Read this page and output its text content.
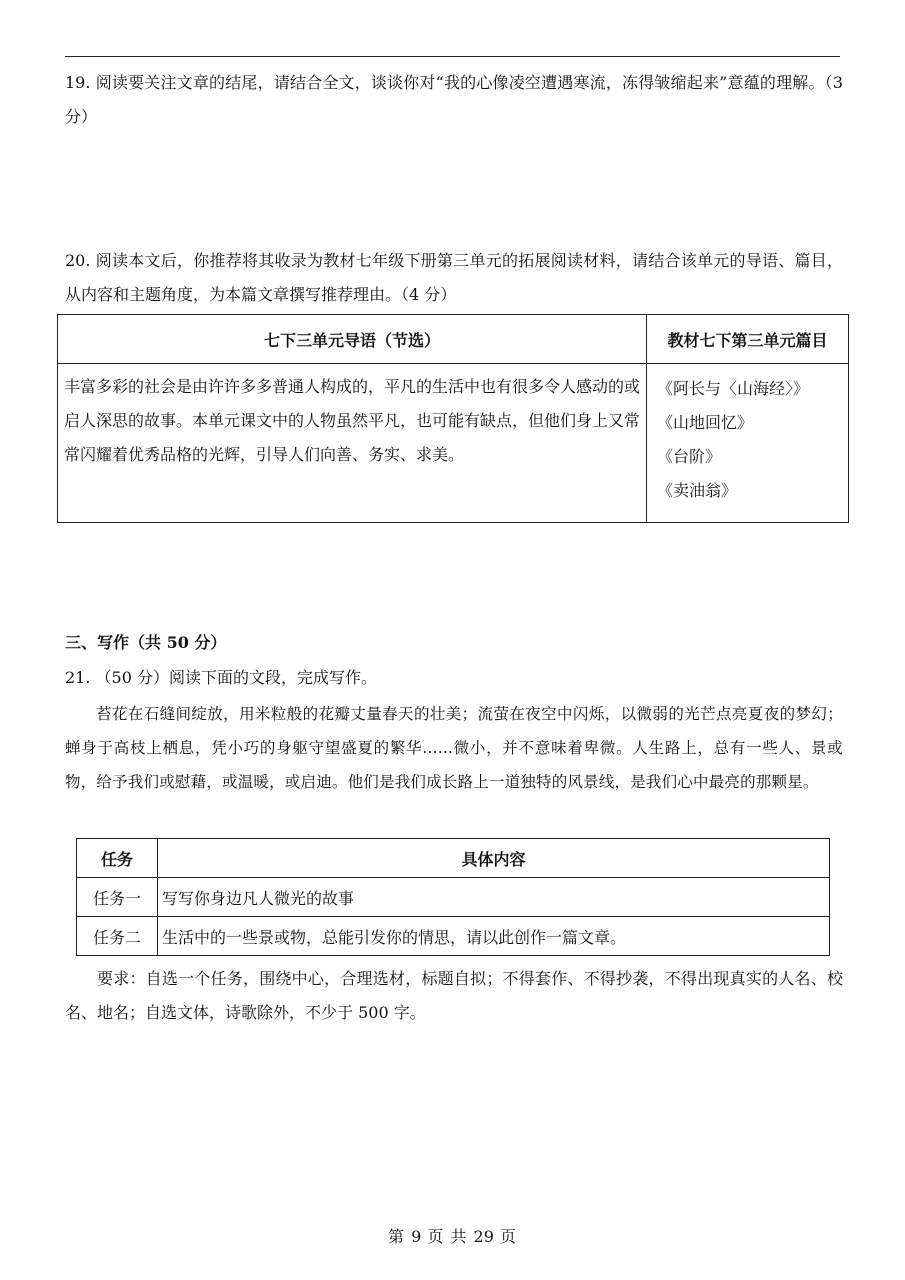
19. 阅读要关注文章的结尾，请结合全文，谈谈你对“我的心像凌空遭遇寒流，冻得皱缩起来”意蕴的理解。（3 分）

20. 阅读本文后，你推荐将其收录为教材七年级下册第三单元的拓展阅读材料，请结合该单元的导语、篇目，从内容和主题角度，为本篇文章撰写推荐理由。（4 分）

七下三单元导语（节选）	教材七下第三单元篇目
丰富多彩的社会是由许许多多普通人构成的，平凡的生活中也有很多令人感动的或启人深思的故事。本单元课文中的人物虽然平凡，也可能有缺点，但他们身上又常常闪耀着优秀品格的光辉，引导人们向善、务实、求美。	《阿长与〈山海经〉》
《山地回忆》
《台阶》
《卖油翁》
三、写作（共 50 分）

21. （50 分）阅读下面的文段，完成写作。

苔花在石缝间绽放，用米粒般的花瓣丈量春天的壮美；流萤在夜空中闪烁，以微弱的光芒点亮夏夜的梦幻；蝉身于高枝上栖息，凭小巧的身躯守望盛夏的繁华......微小，并不意味着卑微。人生路上，总有一些人、景或物，给予我们或慰藉，或温暖，或启迪。他们是我们成长路上一道独特的风景线，是我们心中最亮的那颗星。

任务	具体内容
任务一	写写你身边凡人微光的故事
任务二	生活中的一些景或物，总能引发你的情思，请以此创作一篇文章。

要求：自选一个任务，围绕中心，合理选材，标题自拟；不得套作、不得抄袭，不得出现真实的人名、校名、地名；自选文体，诗歌除外，不少于 500 字。

第 9 页 共 29 页
